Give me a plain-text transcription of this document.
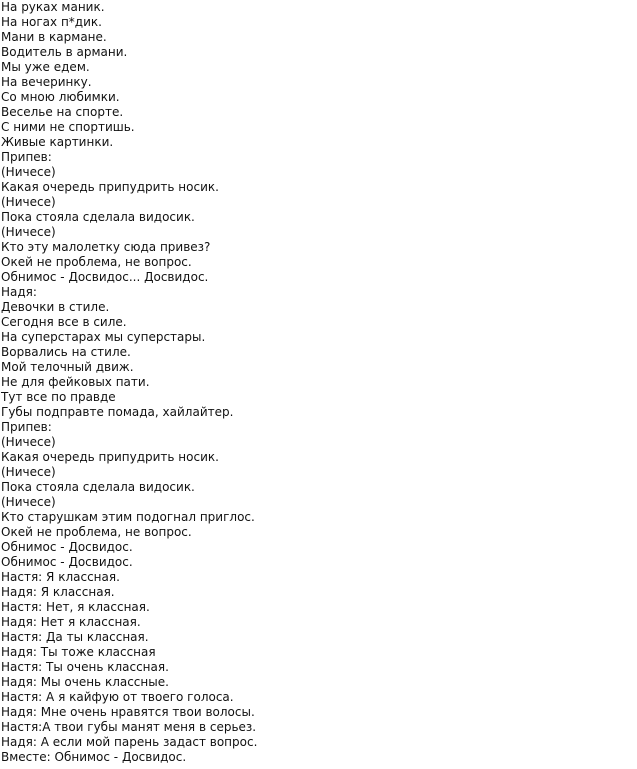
На руках маник.
На ногах п*дик.
Мани в кармане.
Водитель в армани.
Мы уже едем.
На вечеринку.
Со мною любимки.
Веселье на спорте.
С ними не спортишь.
Живые картинки.
Припев:
(Ничесе)
Какая очередь припудрить носик.
(Ничесе)
Пока стояла сделала видосик.
(Ничесе)
Кто эту малолетку сюда привез?
Окей не проблема, не вопрос.
Обнимос - Досвидос... Досвидос.
Надя:
Девочки в стиле.
Сегодня все в силе.
На суперстарах мы суперстары.
Ворвались на стиле.
Мой телочный движ.
Не для фейковых пати.
Тут все по правде
Губы подправте помада, хайлайтер.
Припев:
(Ничесе)
Какая очередь припудрить носик.
(Ничесе)
Пока стояла сделала видосик.
(Ничесе)
Кто старушкам этим подогнал приглос.
Окей не проблема, не вопрос.
Обнимос - Досвидос.
Обнимос - Досвидос.
Настя: Я классная.
Надя: Я классная.
Настя: Нет, я классная.
Надя: Нет я классная.
Настя: Да ты классная.
Надя: Ты тоже классная
Настя: Ты очень классная.
Надя: Мы очень классные.
Настя: А я кайфую от твоего голоса.
Надя: Мне очень нравятся твои волосы.
Настя:А твои губы манят меня в серьез.
Надя: А если мой парень задаст вопрос.
Вместе: Обнимос - Досвидос.
